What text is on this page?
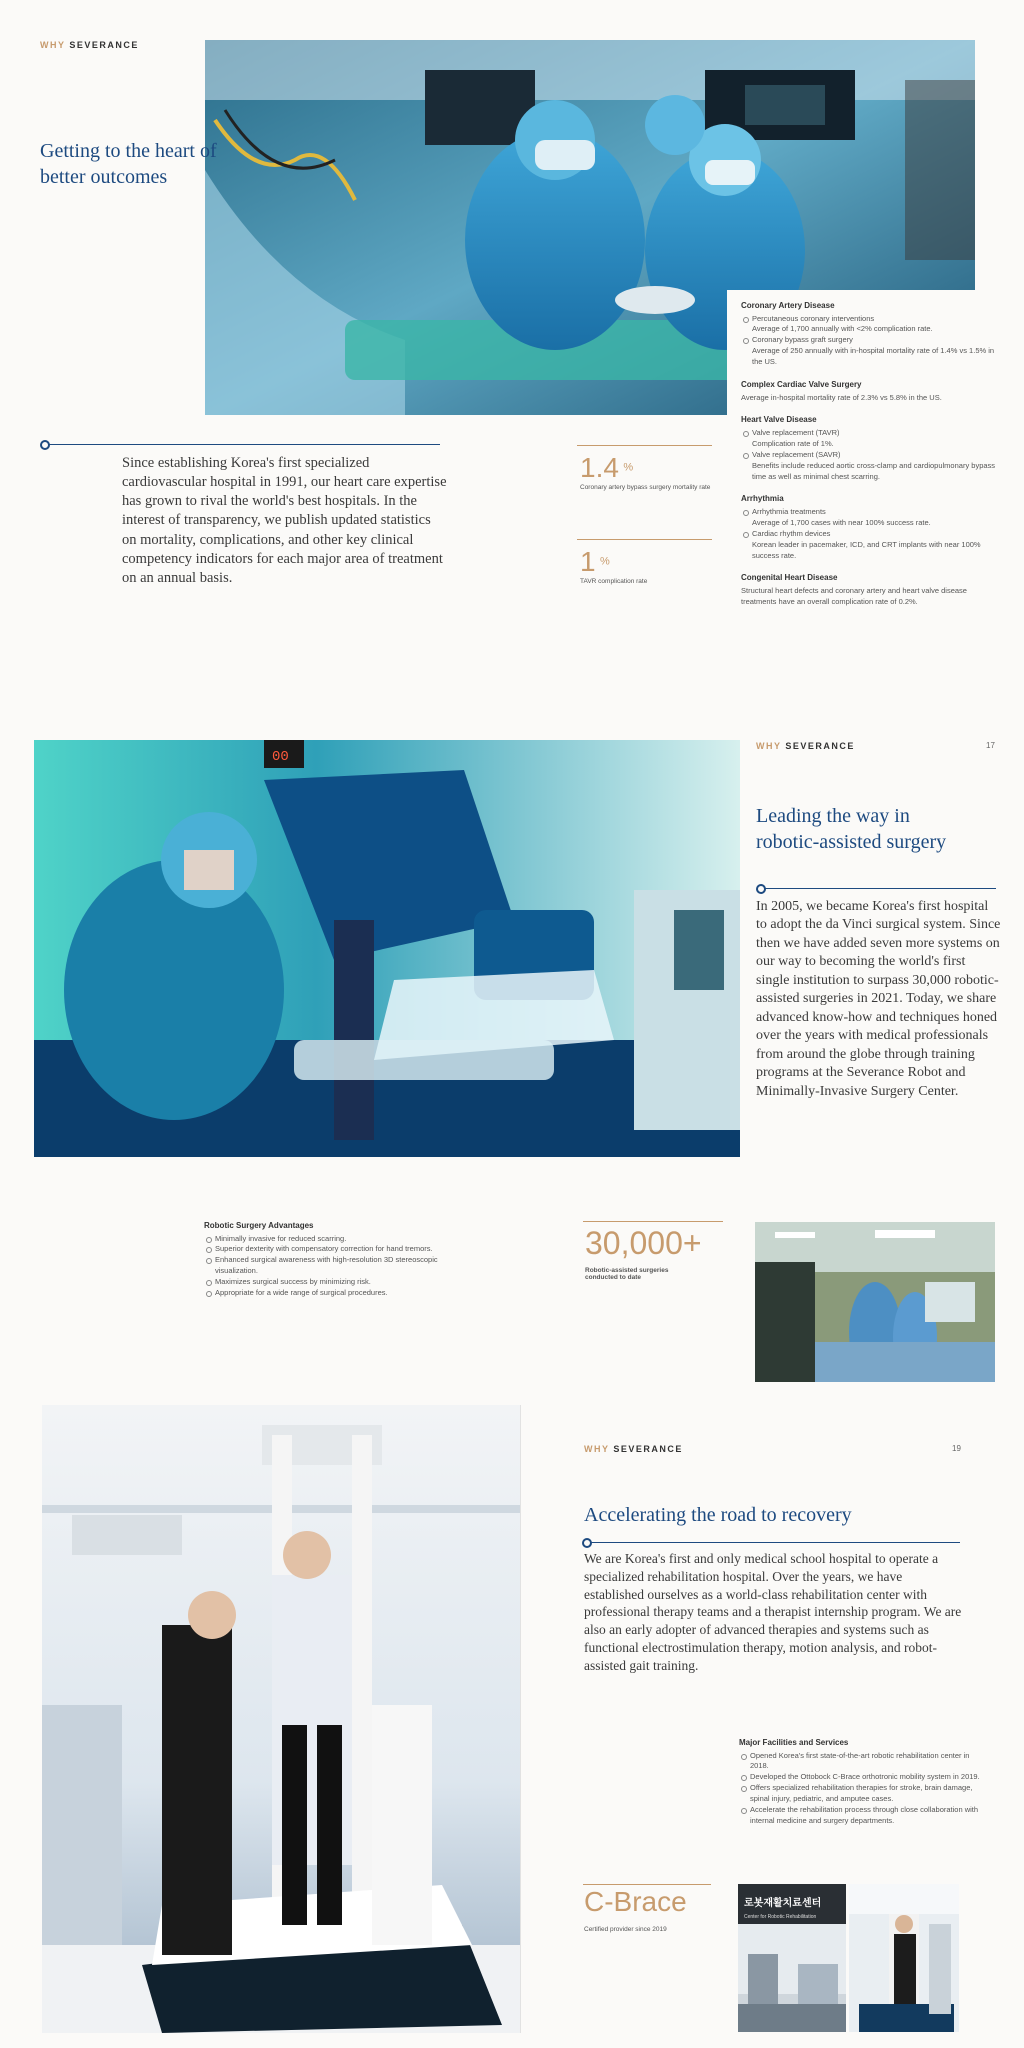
WHY SEVERANCE
Getting to the heart of
better outcomes
Since establishing Korea's first specialized cardiovascular hospital in 1991, our heart care expertise has grown to rival the world's best hospitals. In the interest of transparency, we publish updated statistics on mortality, complications, and other key clinical competency indicators for each major area of treatment on an annual basis.
1.4 %
Coronary artery bypass surgery mortality rate
1 %
TAVR complication rate
Coronary Artery Disease
Percutaneous coronary interventions
Average of 1,700 annually with <2% complication rate.
Coronary bypass graft surgery
Average of 250 annually with in-hospital mortality rate of 1.4% vs 1.5% in the US.
Complex Cardiac Valve Surgery
Average in-hospital mortality rate of 2.3% vs 5.8% in the US.
Heart Valve Disease
Valve replacement (TAVR)
Complication rate of 1%.
Valve replacement (SAVR)
Benefits include reduced aortic cross-clamp and cardiopulmonary bypass time as well as minimal chest scarring.
Arrhythmia
Arrhythmia treatments
Average of 1,700 cases with near 100% success rate.
Cardiac rhythm devices
Korean leader in pacemaker, ICD, and CRT implants with near 100% success rate.
Congenital Heart Disease
Structural heart defects and coronary artery and heart valve disease treatments have an overall complication rate of 0.2%.
00
WHY SEVERANCE	17
Leading the way in
robotic-assisted surgery
In 2005, we became Korea's first hospital to adopt the da Vinci surgical system. Since then we have added seven more systems on our way to becoming the world's first single institution to surpass 30,000 robotic-assisted surgeries in 2021. Today, we share advanced know-how and techniques honed over the years with medical professionals from around the globe through training programs at the Severance Robot and Minimally-Invasive Surgery Center.
Robotic Surgery Advantages
Minimally invasive for reduced scarring.
Superior dexterity with compensatory correction for hand tremors.
Enhanced surgical awareness with high-resolution 3D stereoscopic visualization.
Maximizes surgical success by minimizing risk.
Appropriate for a wide range of surgical procedures.
30,000+
Robotic-assisted surgeries
conducted to date
WHY SEVERANCE	19
Accelerating the road to recovery
We are Korea's first and only medical school hospital to operate a specialized rehabilitation hospital. Over the years, we have established ourselves as a world-class rehabilitation center with professional therapy teams and a therapist internship program. We are also an early adopter of advanced therapies and systems such as functional electrostimulation therapy, motion analysis, and robot-assisted gait training.
Major Facilities and Services
Opened Korea's first state-of-the-art robotic rehabilitation center in 2018.
Developed the Ottobock C-Brace orthotronic mobility system in 2019.
Offers specialized rehabilitation therapies for stroke, brain damage, spinal injury, pediatric, and amputee cases.
Accelerate the rehabilitation process through close collaboration with internal medicine and surgery departments.
C-Brace
Certified provider since 2019
로봇재활치료센터
Center for Robotic Rehabilitation
